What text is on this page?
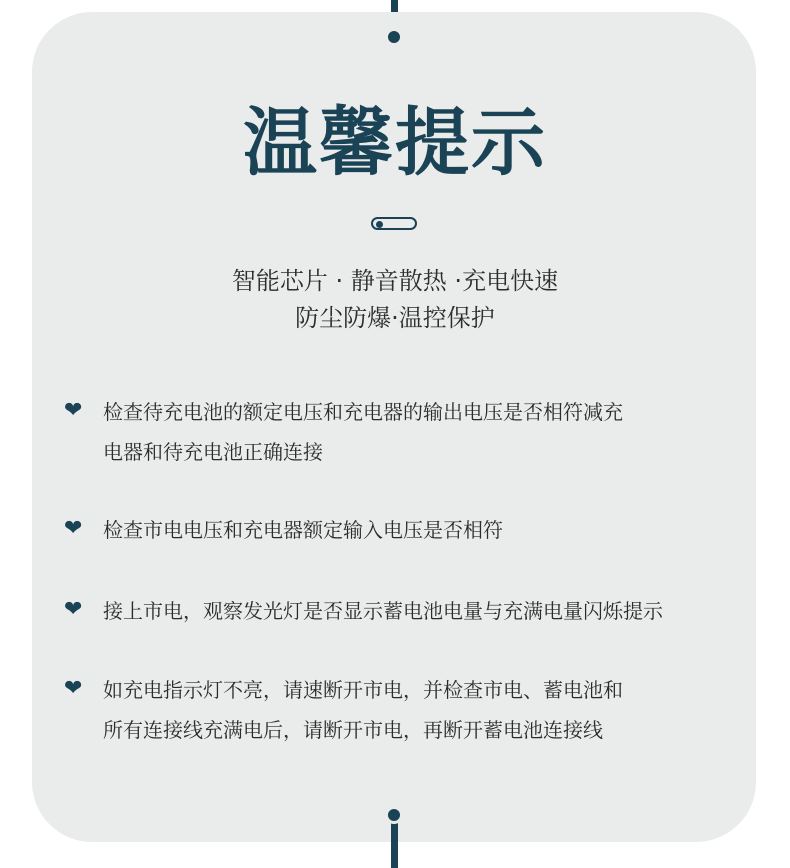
温馨提示
智能芯片 · 静音散热 ·充电快速
防尘防爆·温控保护
❤ 检查待充电池的额定电压和充电器的输出电压是否相符减充
电器和待充电池正确连接
❤ 检查市电电压和充电器额定输入电压是否相符
❤ 接上市电，观察发光灯是否显示蓄电池电量与充满电量闪烁提示
❤ 如充电指示灯不亮，请速断开市电，并检查市电、蓄电池和
所有连接线充满电后，请断开市电，再断开蓄电池连接线
